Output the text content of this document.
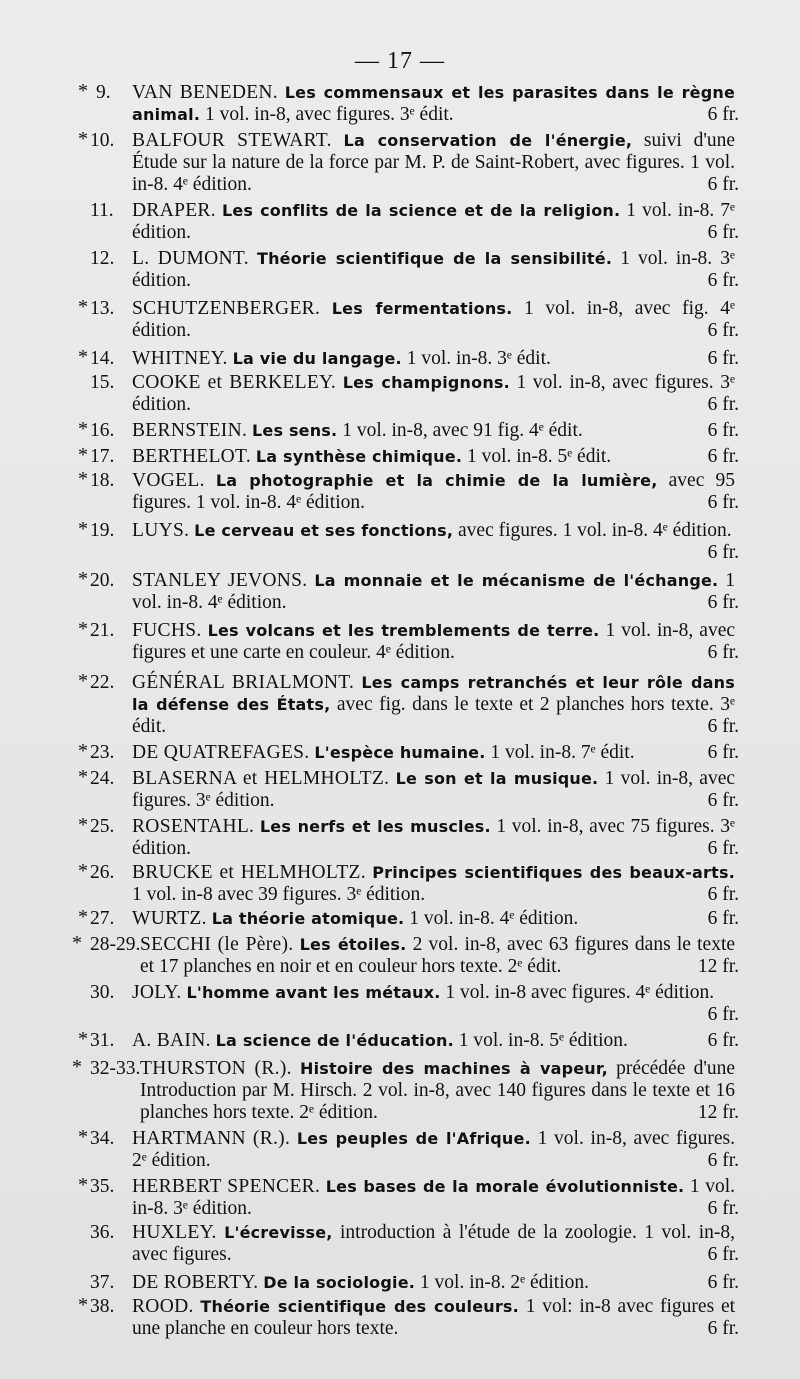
— 17 —
* 9. VAN BENEDEN. Les commensaux et les parasites dans le règne animal. 1 vol. in-8, avec figures. 3ᵉ édit.	6 fr.
* 10. BALFOUR STEWART. La conservation de l'énergie, suivi d'une Étude sur la nature de la force par M. P. de Saint-Robert, avec figures. 1 vol. in-8. 4ᵉ édition.	6 fr.
11. DRAPER. Les conflits de la science et de la religion. 1 vol. in-8. 7ᵉ édition.	6 fr.
12. L. DUMONT. Théorie scientifique de la sensibilité. 1 vol. in-8. 3ᵉ édition.	6 fr.
* 13. SCHUTZENBERGER. Les fermentations. 1 vol. in-8, avec fig. 4ᵉ édition.	6 fr.
* 14. WHITNEY. La vie du langage. 1 vol. in-8. 3ᵉ édit.	6 fr.
15. COOKE et BERKELEY. Les champignons. 1 vol. in-8, avec figures. 3ᵉ édition.	6 fr.
* 16. BERNSTEIN. Les sens. 1 vol. in-8, avec 91 fig. 4ᵉ édit.	6 fr.
* 17. BERTHELOT. La synthèse chimique. 1 vol. in-8. 5ᵉ édit.	6 fr.
* 18. VOGEL. La photographie et la chimie de la lumière, avec 95 figures. 1 vol. in-8. 4ᵉ édition.	6 fr.
* 19. LUYS. Le cerveau et ses fonctions, avec figures. 1 vol. in-8. 4ᵉ édition.
6 fr.
* 20. STANLEY JEVONS. La monnaie et le mécanisme de l'échange. 1 vol. in-8. 4ᵉ édition.	6 fr.
* 21. FUCHS. Les volcans et les tremblements de terre. 1 vol. in-8, avec figures et une carte en couleur. 4ᵉ édition.	6 fr.
* 22. GÉNÉRAL BRIALMONT. Les camps retranchés et leur rôle dans la défense des États, avec fig. dans le texte et 2 planches hors texte. 3ᵉ édit.	6 fr.
* 23. DE QUATREFAGES. L'espèce humaine. 1 vol. in-8. 7ᵉ édit.	6 fr.
* 24. BLASERNA et HELMHOLTZ. Le son et la musique. 1 vol. in-8, avec figures. 3ᵉ édition.	6 fr.
* 25. ROSENTAHL. Les nerfs et les muscles. 1 vol. in-8, avec 75 figures. 3ᵉ édition.	6 fr.
* 26. BRUCKE et HELMHOLTZ. Principes scientifiques des beaux-arts. 1 vol. in-8 avec 39 figures. 3ᵉ édition.	6 fr.
* 27. WURTZ. La théorie atomique. 1 vol. in-8. 4ᵉ édition.	6 fr.
* 28-29. SECCHI (le Père). Les étoiles. 2 vol. in-8, avec 63 figures dans le texte et 17 planches en noir et en couleur hors texte. 2ᵉ édit.	12 fr.
30. JOLY. L'homme avant les métaux. 1 vol. in-8 avec figures. 4ᵉ édition.
6 fr.
* 31. A. BAIN. La science de l'éducation. 1 vol. in-8. 5ᵉ édition.	6 fr.
* 32-33. THURSTON (R.). Histoire des machines à vapeur, précédée d'une Introduction par M. Hirsch. 2 vol. in-8, avec 140 figures dans le texte et 16 planches hors texte. 2ᵉ édition.	12 fr.
* 34. HARTMANN (R.). Les peuples de l'Afrique. 1 vol. in-8, avec figures. 2ᵉ édition.	6 fr.
* 35. HERBERT SPENCER. Les bases de la morale évolutionniste. 1 vol. in-8. 3ᵉ édition.	6 fr.
36. HUXLEY. L'écrevisse, introduction à l'étude de la zoologie. 1 vol. in-8, avec figures.	6 fr.
37. DE ROBERTY. De la sociologie. 1 vol. in-8. 2ᵉ édition.	6 fr.
* 38. ROOD. Théorie scientifique des couleurs. 1 vol: in-8 avec figures et une planche en couleur hors texte.	6 fr.
